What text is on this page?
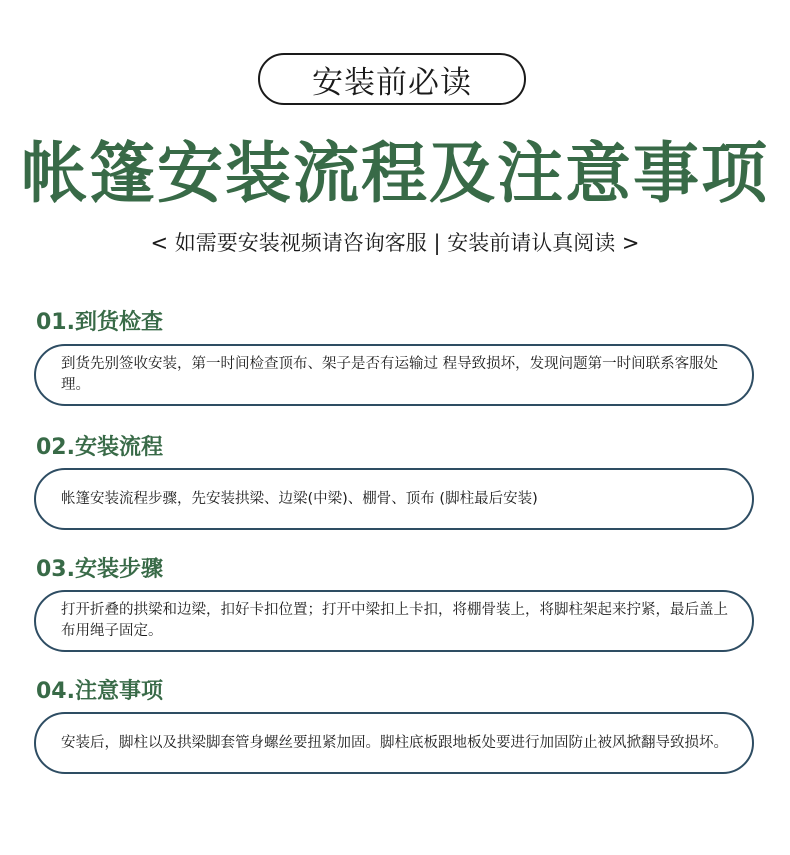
安装前必读
帐篷安装流程及注意事项
< 如需要安装视频请咨询客服 | 安装前请认真阅读 >
01.到货检查
到货先别签收安装，第一时间检查顶布、架子是否有运输过 程导致损坏，发现问题第一时间联系客服处理。
02.安装流程
帐篷安装流程步骤，先安装拱梁、边梁(中梁)、棚骨、顶布 (脚柱最后安装)
03.安装步骤
打开折叠的拱梁和边梁，扣好卡扣位置；打开中梁扣上卡扣，将棚骨装上，将脚柱架起来拧紧，最后盖上布用绳子固定。
04.注意事项
安装后，脚柱以及拱梁脚套管身螺丝要扭紧加固。脚柱底板跟地板处要进行加固防止被风掀翻导致损坏。
